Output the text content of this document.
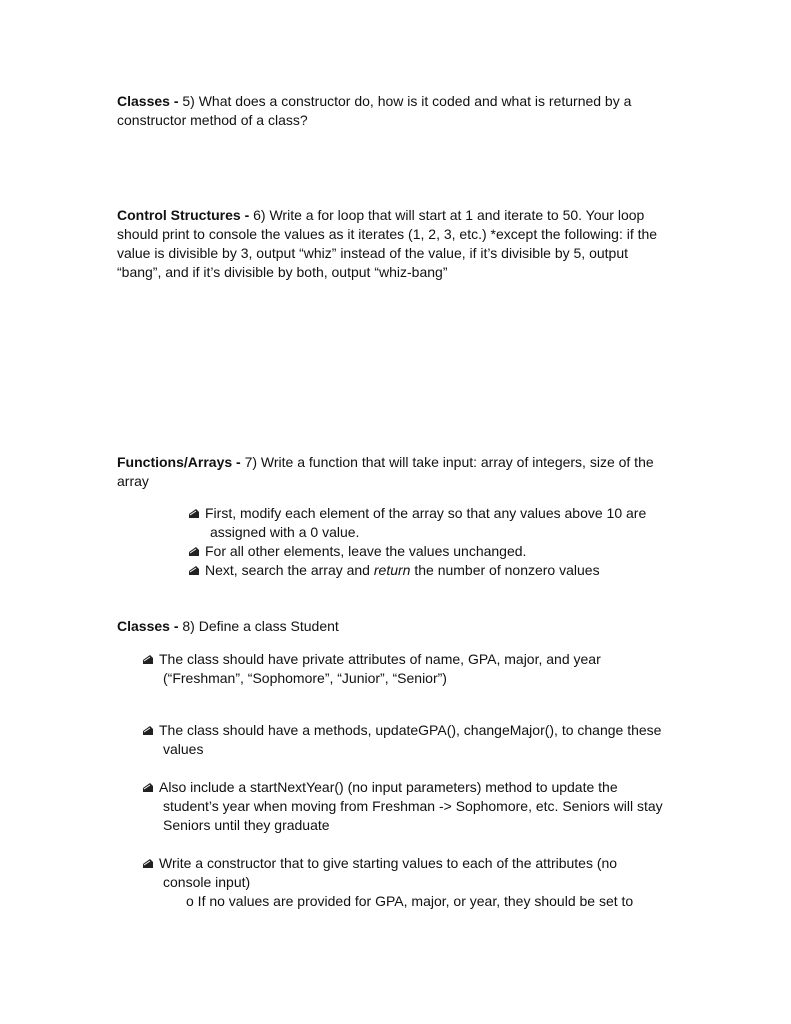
Classes - 5) What does a constructor do, how is it coded and what is returned by a constructor method of a class?
Control Structures - 6) Write a for loop that will start at 1 and iterate to 50. Your loop should print to console the values as it iterates (1, 2, 3, etc.) *except the following: if the value is divisible by 3, output “whiz” instead of the value, if it’s divisible by 5, output “bang”, and if it’s divisible by both, output “whiz-bang”
Functions/Arrays - 7) Write a function that will take input: array of integers, size of the array
First, modify each element of the array so that any values above 10 are
assigned with a 0 value.
For all other elements, leave the values unchanged.
Next, search the array and return the number of nonzero values
Classes - 8) Define a class Student
The class should have private attributes of name, GPA, major, and year
(“Freshman”, “Sophomore”, “Junior”, “Senior”)
The class should have a methods, updateGPA(), changeMajor(), to change these
values
Also include a startNextYear() (no input parameters) method to update the
student’s year when moving from Freshman -> Sophomore, etc. Seniors will stay
Seniors until they graduate
Write a constructor that to give starting values to each of the attributes (no
console input)
o If no values are provided for GPA, major, or year, they should be set to
